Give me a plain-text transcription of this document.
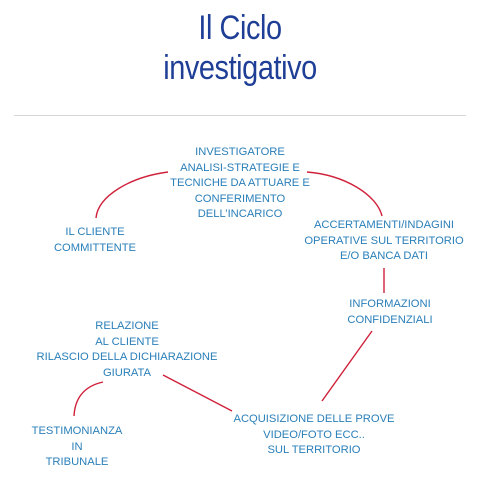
Il Ciclo
investigativo
INVESTIGATORE
ANALISI-STRATEGIE E
TECNICHE DA ATTUARE E
CONFERIMENTO
DELL’INCARICO
IL CLIENTE
COMMITTENTE
ACCERTAMENTI/INDAGINI
OPERATIVE SUL TERRITORIO
E/O BANCA DATI
INFORMAZIONI
CONFIDENZIALI
RELAZIONE
AL CLIENTE
RILASCIO DELLA DICHIARAZIONE
GIURATA
ACQUISIZIONE DELLE PROVE
VIDEO/FOTO ECC..
SUL TERRITORIO
TESTIMONIANZA
IN
TRIBUNALE
